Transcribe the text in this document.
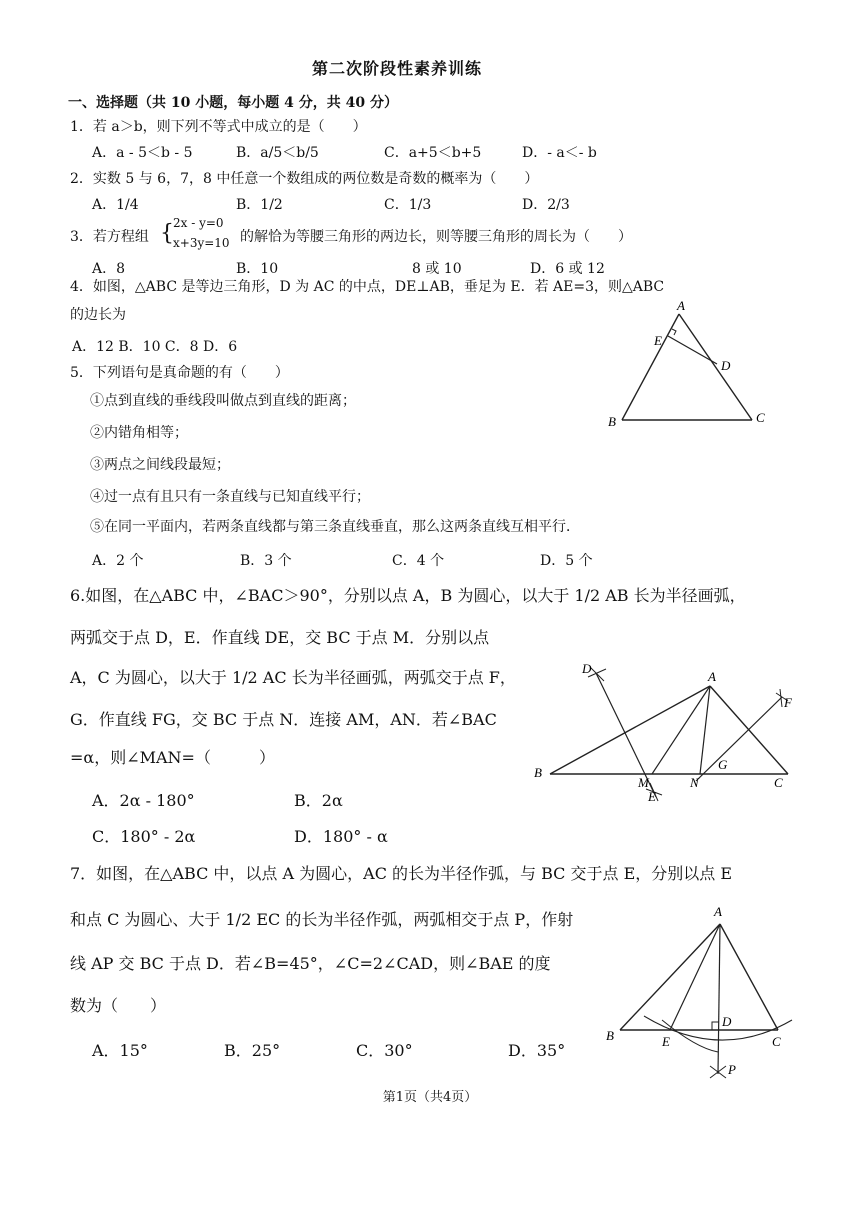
第二次阶段性素养训练
一、选择题（共 10 小题，每小题 4 分，共 40 分）
1．若 a＞b，则下列不等式中成立的是（　　）
A．a - 5＜b - 5	B．a/5＜b/5	C．a+5＜b+5	D．- a＜- b
2．实数 5 与 6，7，8 中任意一个数组成的两位数是奇数的概率为（　　）
A．1/4	B．1/2	C．1/3	D．2/3
3．若方程组 { 2x - y=0
x+3y=10 的解恰为等腰三角形的两边长，则等腰三角形的周长为（　　）
A．8	B．10	8 或 10	D．6 或 12
4．如图，△ABC 是等边三角形，D 为 AC 的中点，DE⊥AB，垂足为 E．若 AE=3，则△ABC
的边长为
A．12 B．10 C．8 D．6
A
E
D
B	C
5．下列语句是真命题的有（　　）
①点到直线的垂线段叫做点到直线的距离；
②内错角相等；
③两点之间线段最短；
④过一点有且只有一条直线与已知直线平行；
⑤在同一平面内，若两条直线都与第三条直线垂直，那么这两条直线互相平行．
A．2 个	B．3 个	C．4 个	D．5 个
6.如图，在△ABC 中，∠BAC＞90°，分别以点 A，B 为圆心，以大于 1/2 AB 长为半径画弧，
两弧交于点 D，E．作直线 DE，交 BC 于点 M．分别以点
A，C 为圆心，以大于 1/2 AC 长为半径画弧，两弧交于点 F，
G．作直线 FG，交 BC 于点 N．连接 AM，AN．若∠BAC
=α，则∠MAN=（　　　）
A．2α - 180°	B．2α
C．180° - 2α	D．180° - α
D
A
F
G
B
M
E
N	C
7．如图，在△ABC 中，以点 A 为圆心，AC 的长为半径作弧，与 BC 交于点 E，分别以点 E
和点 C 为圆心、大于 1/2 EC 的长为半径作弧，两弧相交于点 P，作射
线 AP 交 BC 于点 D．若∠B=45°，∠C=2∠CAD，则∠BAE 的度
数为（　　）
A．15°	B．25°	C．30°	D．35°
A
D
B	E	C
P
第1页（共4页）
